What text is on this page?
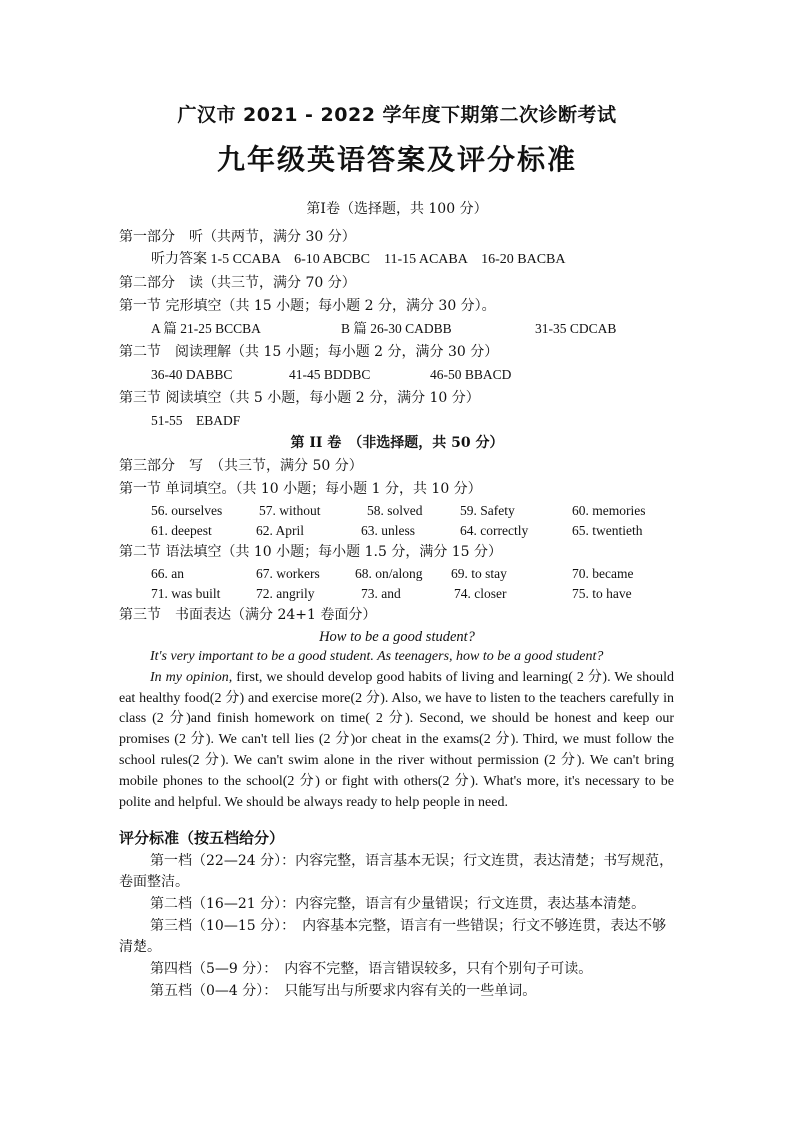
广汉市 2021 - 2022 学年度下期第二次诊断考试
九年级英语答案及评分标准
第Ⅰ卷（选择题，共 100 分）
第一部分　听（共两节，满分 30 分）
听力答案 1-5 CCABA　6-10 ABCBC　11-15 ACABA　16-20 BACBA
第二部分　读（共三节，满分 70 分）
第一节 完形填空（共 15 小题；每小题 2 分，满分 30 分）。
A 篇 21-25 BCCBA	B 篇 26-30 CADBB	31-35 CDCAB
第二节　阅读理解（共 15 小题；每小题 2 分，满分 30 分）
36-40 DABBC	41-45 BDDBC	46-50 BBACD
第三节 阅读填空（共 5 小题，每小题 2 分，满分 10 分）
51-55　EBADF
第 II 卷　（非选择题，共 50 分）
第三部分　写　（共三节，满分 50 分）
第一节 单词填空。（共 10 小题；每小题 1 分，共 10 分）
56. ourselves	57. without	58. solved	59. Safety	60. memories
61. deepest	62. April	63. unless	64. correctly	65. twentieth
第二节 语法填空（共 10 小题；每小题 1.5 分，满分 15 分）
66. an	67. workers	68. on/along 69. to stay	70. became
71. was built	72. angrily	73. and	74. closer	75. to have
第三节　书面表达（满分 24+1 卷面分）
How to be a good student?

It's very important to be a good student. As teenagers, how to be a good student?

In my opinion, first, we should develop good habits of living and learning( 2 分). We should eat healthy food(2 分) and exercise more(2 分). Also, we have to listen to the teachers carefully in class (2 分)and finish homework on time( 2 分). Second, we should be honest and keep our promises (2 分). We can't tell lies (2 分)or cheat in the exams(2 分). Third, we must follow the school rules(2 分). We can't swim alone in the river without permission (2 分). We can't bring mobile phones to the school(2 分) or fight with others(2 分). What's more, it's necessary to be polite and helpful. We should be always ready to help people in need.

评分标准（按五档给分）

第一档（22—24 分）：内容完整，语言基本无误；行文连贯，表达清楚；书写规范，卷面整洁。

第二档（16—21 分）：内容完整，语言有少量错误；行文连贯，表达基本清楚。

第三档（10—15 分）：　内容基本完整，语言有一些错误；行文不够连贯，表达不够清楚。

第四档（5—9 分）：　内容不完整，语言错误较多，只有个别句子可读。

第五档（0—4 分）：　只能写出与所要求内容有关的一些单词。
